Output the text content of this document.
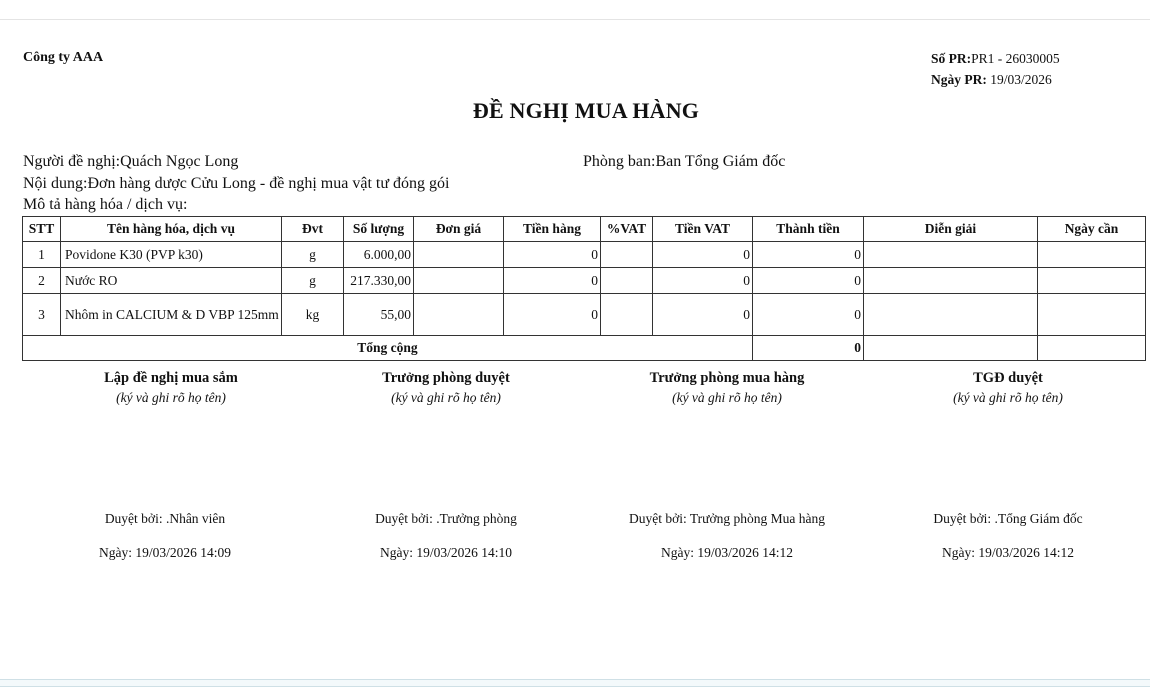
Công ty AAA	Số PR:PR1 - 26030005
Ngày PR: 19/03/2026
ĐỀ NGHỊ MUA HÀNG
Người đề nghị:Quách Ngọc Long	Phòng ban:Ban Tổng Giám đốc
Nội dung:Đơn hàng dược Cửu Long - đề nghị mua vật tư đóng gói
Mô tả hàng hóa / dịch vụ:
STT	Tên hàng hóa, dịch vụ	Đvt	Số lượng	Đơn giá	Tiền hàng	%VAT	Tiền VAT	Thành tiền	Diễn giải	Ngày cần
1	Povidone K30 (PVP k30)	g	6.000,00		0		0	0		
2	Nước RO	g	217.330,00		0		0	0		
3	Nhôm in CALCIUM & D VBP 125mm	kg	55,00		0		0	0		
Tổng cộng								0		
Lập đề nghị mua sắm
(ký và ghi rõ họ tên)
Trưởng phòng duyệt
(ký và ghi rõ họ tên)
Trưởng phòng mua hàng
(ký và ghi rõ họ tên)
TGĐ duyệt
(ký và ghi rõ họ tên)
Duyệt bởi: .Nhân viên
Ngày: 19/03/2026 14:09
Duyệt bởi: .Trưởng phòng
Ngày: 19/03/2026 14:10
Duyệt bởi: Trưởng phòng Mua hàng
Ngày: 19/03/2026 14:12
Duyệt bởi: .Tổng Giám đốc
Ngày: 19/03/2026 14:12
